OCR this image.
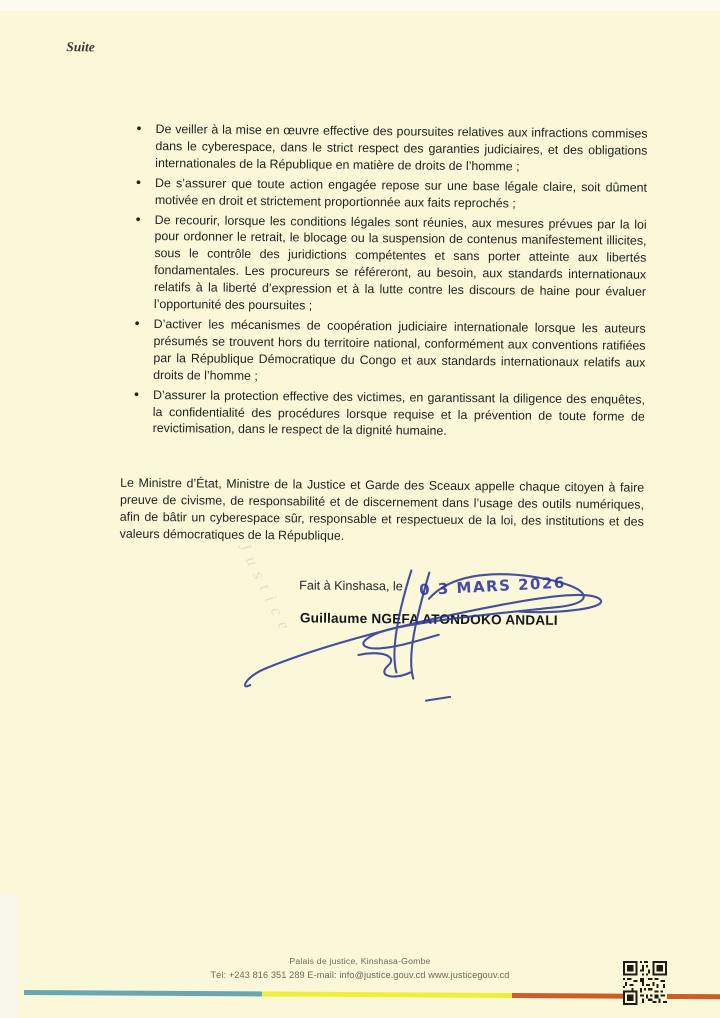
Suite
• De veiller à la mise en œuvre effective des poursuites relatives aux infractions commises dans le cyberespace, dans le strict respect des garanties judiciaires, et des obligations internationales de la République en matière de droits de l’homme ;
• De s’assurer que toute action engagée repose sur une base légale claire, soit dûment motivée en droit et strictement proportionnée aux faits reprochés ;
• De recourir, lorsque les conditions légales sont réunies, aux mesures prévues par la loi pour ordonner le retrait, le blocage ou la suspension de contenus manifestement illicites, sous le contrôle des juridictions compétentes et sans porter atteinte aux libertés fondamentales. Les procureurs se référeront, au besoin, aux standards internationaux relatifs à la liberté d’expression et à la lutte contre les discours de haine pour évaluer l’opportunité des poursuites ;
• D’activer les mécanismes de coopération judiciaire internationale lorsque les auteurs présumés se trouvent hors du territoire national, conformément aux conventions ratifiées par la République Démocratique du Congo et aux standards internationaux relatifs aux droits de l’homme ;
• D’assurer la protection effective des victimes, en garantissant la diligence des enquêtes, la confidentialité des procédures lorsque requise et la prévention de toute forme de revictimisation, dans le respect de la dignité humaine.

Le Ministre d’État, Ministre de la Justice et Garde des Sceaux appelle chaque citoyen à faire preuve de civisme, de responsabilité et de discernement dans l’usage des outils numériques, afin de bâtir un cyberespace sûr, responsable et respectueux de la loi, des institutions et des valeurs démocratiques de la République.

Justice Fait à Kinshasa, le 0 3 MARS 2026
Guillaume NGEFA ATONDOKO ANDALI
Palais de justice, Kinshasa-Gombe
Tél: +243 816 351 289 E-mail: info@justice.gouv.cd www.justicegouv.cd
